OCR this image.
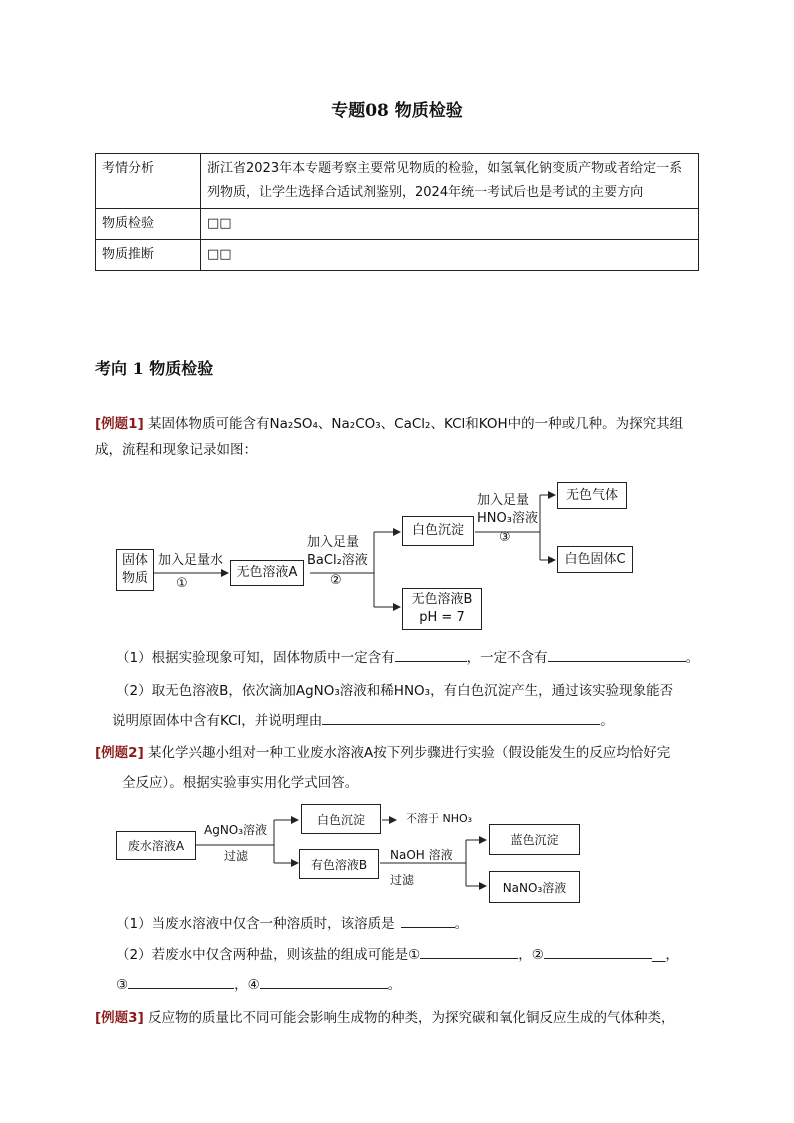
专题08 物质检验
考情分析	浙江省2023年本专题考察主要常见物质的检验，如氢氧化钠变质产物或者给定一系列物质，让学生选择合适试剂鉴别，2024年统一考试后也是考试的主要方向
物质检验	□□
物质推断	□□
考向 1 物质检验
[例题1] 某固体物质可能含有Na₂SO₄、Na₂CO₃、CaCl₂、KCl和KOH中的一种或几种。为探究其组成，流程和现象记录如图：
固体物质
加入足量水
①
无色溶液A
加入足量
BaCl₂溶液
②
白色沉淀
无色溶液B
pH = 7
加入足量
HNO₃溶液
③
无色气体
白色固体C
（1）根据实验现象可知，固体物质中一定含有	，一定不含有	。
（2）取无色溶液B，依次滴加AgNO₃溶液和稀HNO₃，有白色沉淀产生，通过该实验现象能否
说明原固体中含有KCl，并说明理由	。
[例题2] 某化学兴趣小组对一种工业废水溶液A按下列步骤进行实验（假设能发生的反应均恰好完
全反应）。根据实验事实用化学式回答。
废水溶液A
AgNO₃溶液
过滤
白色沉淀	不溶于 NHO₃
有色溶液B
NaOH 溶液
过滤
蓝色沉淀
NaNO₃溶液
（1）当废水溶液中仅含一种溶质时，该溶质是	。
（2）若废水中仅含两种盐，则该盐的组成可能是①	，②	__，
③	，④	。
[例题3] 反应物的质量比不同可能会影响生成物的种类，为探究碳和氧化铜反应生成的气体种类，
